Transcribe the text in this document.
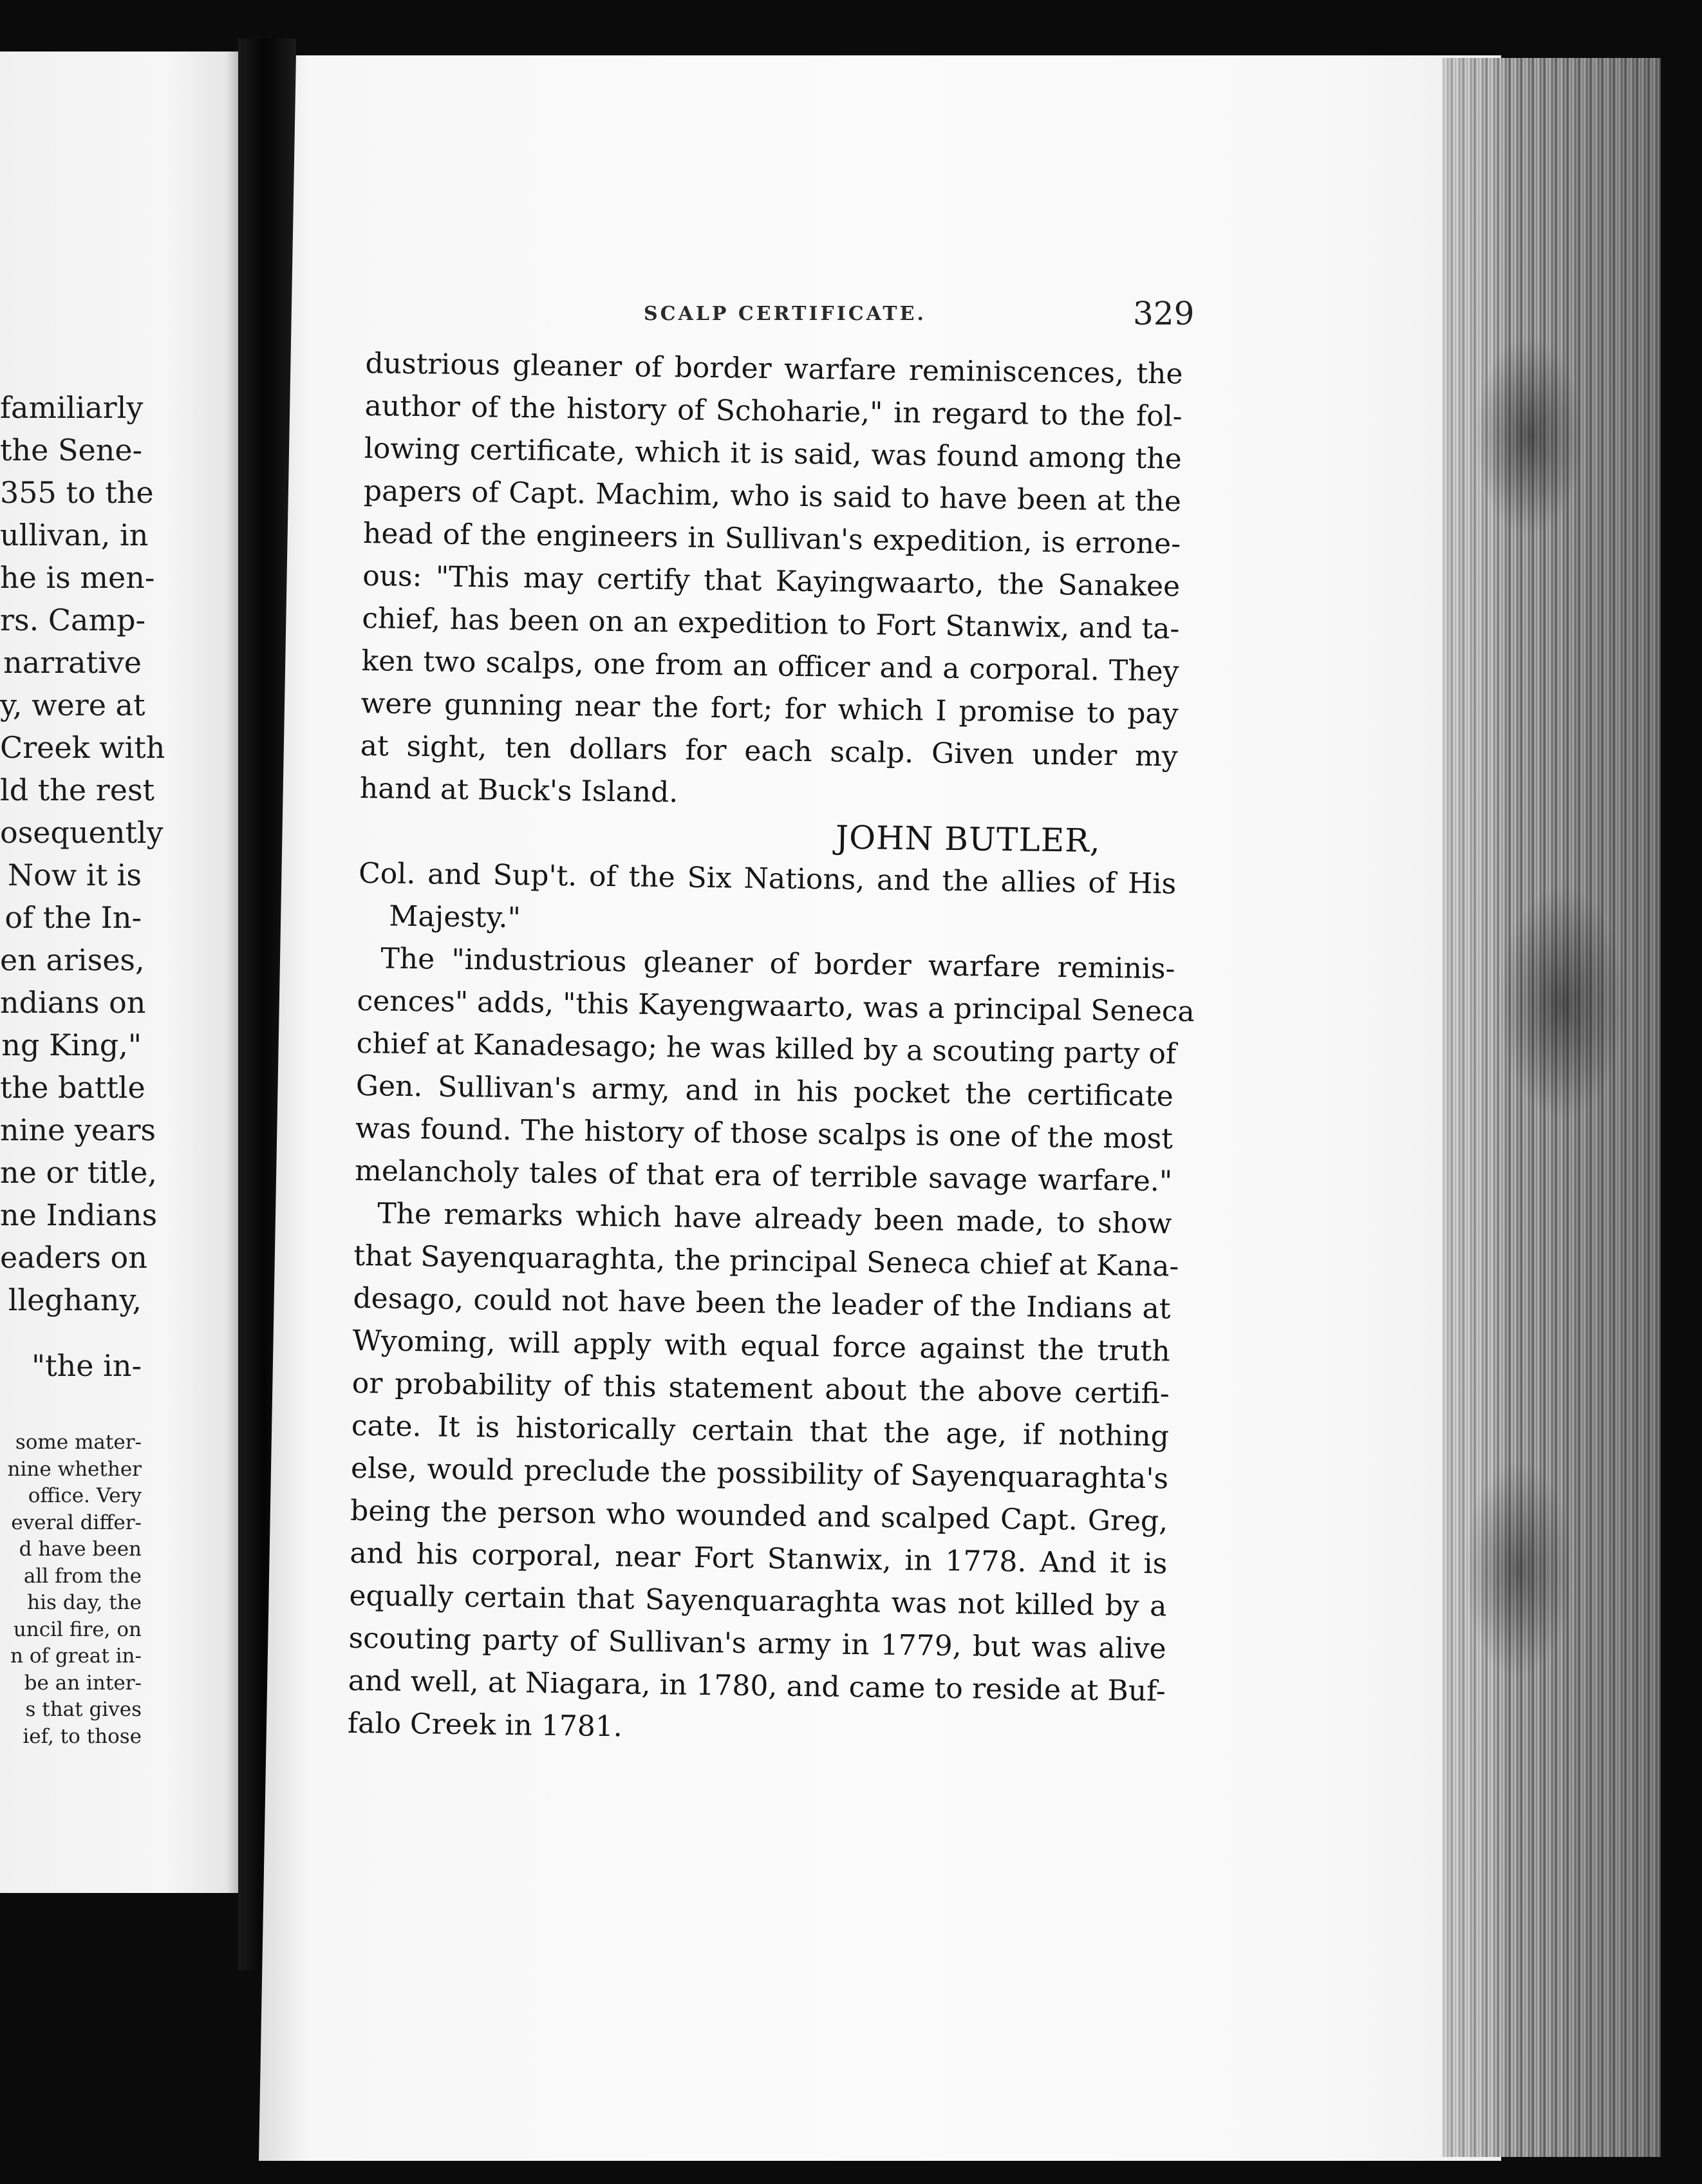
familiarly
the Sene-
355 to the
ullivan, in
he is men-
rs. Camp-
narrative
y, were at
Creek with
ld the rest
osequently
Now it is
of the In-
en arises,
ndians on
ng King,"
the battle
nine years
ne or title,
ne Indians
eaders on
lleghany,
"the in-
some mater-
nine whether
office. Very
everal differ-
d have been
all from the
his day, the
uncil fire, on
n of great in-
be an inter-
s that gives
ief, to those
SCALP CERTIFICATE.	329
dustrious gleaner of border warfare reminiscences, the
author of the history of Schoharie," in regard to the fol-
lowing certificate, which it is said, was found among the
papers of Capt. Machim, who is said to have been at the
head of the engineers in Sullivan's expedition, is errone-
ous: "This may certify that Kayingwaarto, the Sanakee
chief, has been on an expedition to Fort Stanwix, and ta-
ken two scalps, one from an officer and a corporal. They
were gunning near the fort; for which I promise to pay
at sight, ten dollars for each scalp. Given under my
hand at Buck's Island.
JOHN BUTLER,
Col. and Sup't. of the Six Nations, and the allies of His
Majesty."
The "industrious gleaner of border warfare reminis-
cences" adds, "this Kayengwaarto, was a principal Seneca
chief at Kanadesago; he was killed by a scouting party of
Gen. Sullivan's army, and in his pocket the certificate
was found. The history of those scalps is one of the most
melancholy tales of that era of terrible savage warfare."
The remarks which have already been made, to show
that Sayenquaraghta, the principal Seneca chief at Kana-
desago, could not have been the leader of the Indians at
Wyoming, will apply with equal force against the truth
or probability of this statement about the above certifi-
cate. It is historically certain that the age, if nothing
else, would preclude the possibility of Sayenquaraghta's
being the person who wounded and scalped Capt. Greg,
and his corporal, near Fort Stanwix, in 1778. And it is
equally certain that Sayenquaraghta was not killed by a
scouting party of Sullivan's army in 1779, but was alive
and well, at Niagara, in 1780, and came to reside at Buf-
falo Creek in 1781.
